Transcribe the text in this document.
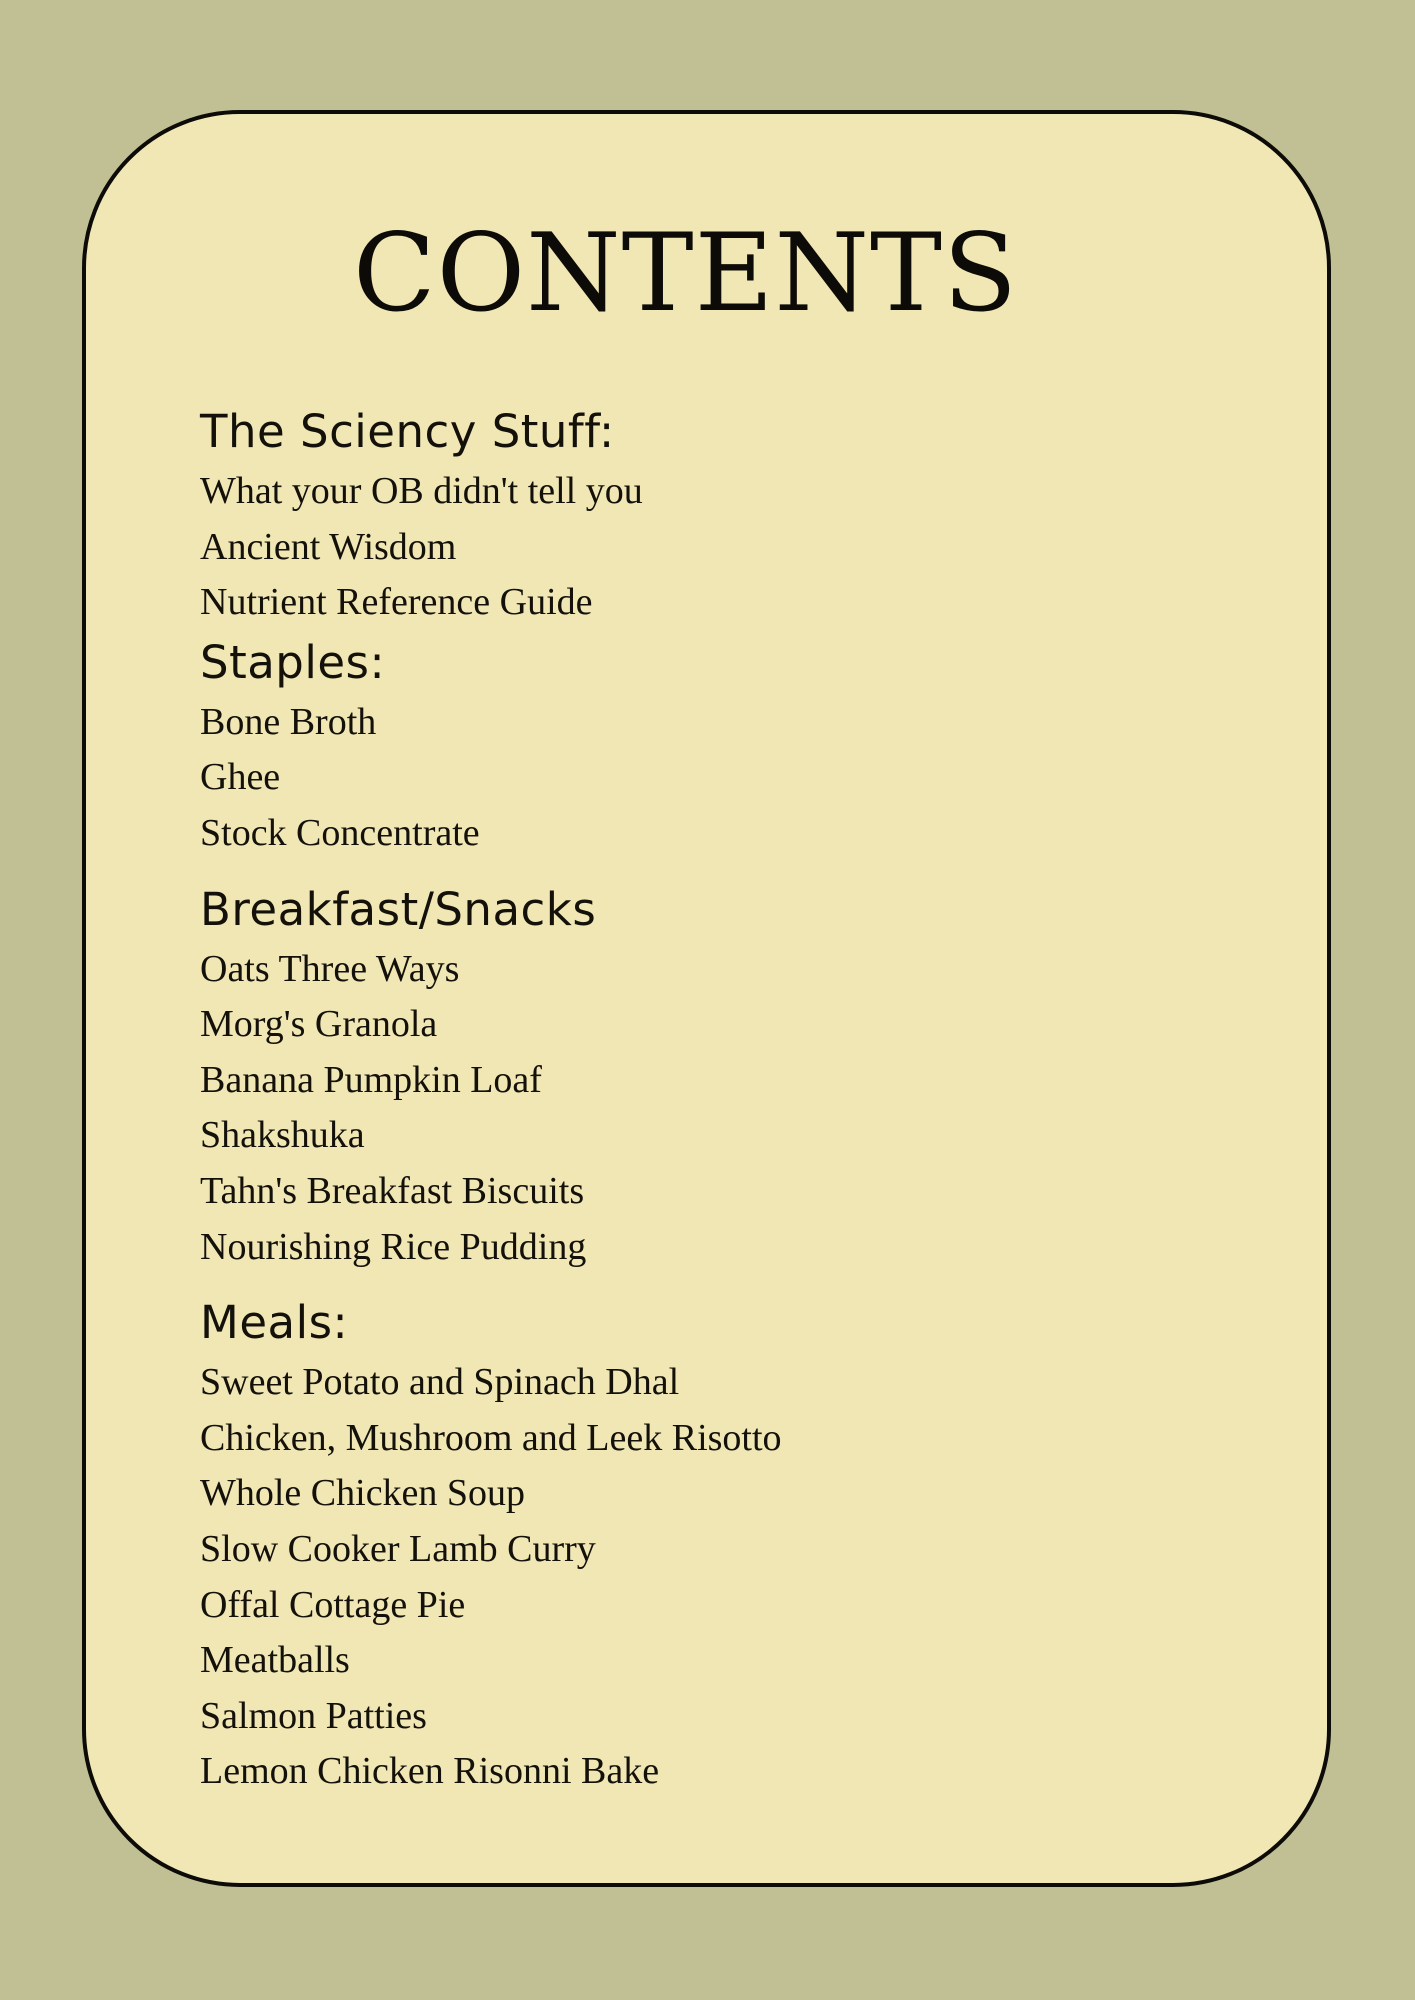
CONTENTS
The Sciency Stuff:
What your OB didn't tell you
Ancient Wisdom
Nutrient Reference Guide
Staples:
Bone Broth
Ghee
Stock Concentrate
Breakfast/Snacks
Oats Three Ways
Morg's Granola
Banana Pumpkin Loaf
Shakshuka
Tahn's Breakfast Biscuits
Nourishing Rice Pudding
Meals:
Sweet Potato and Spinach Dhal
Chicken, Mushroom and Leek Risotto
Whole Chicken Soup
Slow Cooker Lamb Curry
Offal Cottage Pie
Meatballs
Salmon Patties
Lemon Chicken Risonni Bake
